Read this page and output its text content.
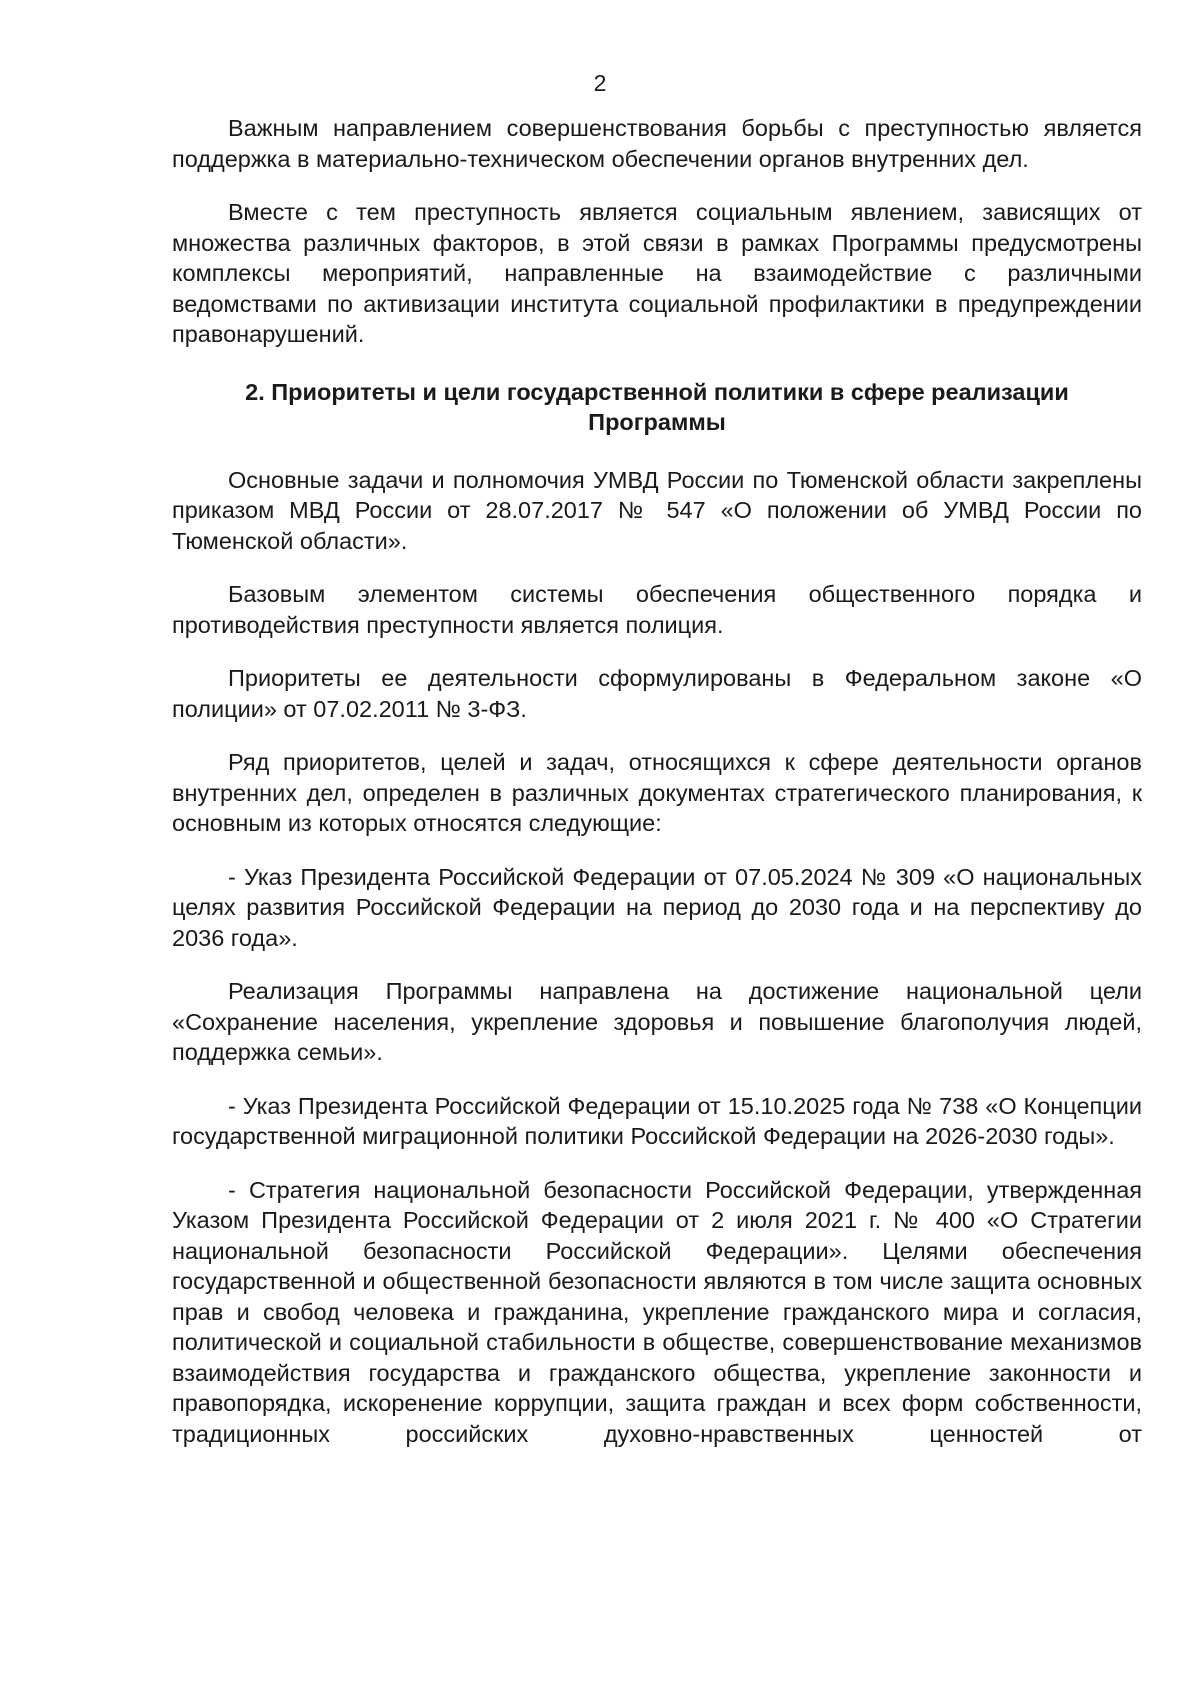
2

Важным направлением совершенствования борьбы с преступностью является поддержка в материально-техническом обеспечении органов внутренних дел.

Вместе с тем преступность является социальным явлением, зависящих от множества различных факторов, в этой связи в рамках Программы предусмотрены комплексы мероприятий, направленные на взаимодействие с различными ведомствами по активизации института социальной профилактики в предупреждении правонарушений.

2. Приоритеты и цели государственной политики в сфере реализации Программы

Основные задачи и полномочия УМВД России по Тюменской области закреплены приказом МВД России от 28.07.2017 № 547 «О положении об УМВД России по Тюменской области».

Базовым элементом системы обеспечения общественного порядка и противодействия преступности является полиция.

Приоритеты ее деятельности сформулированы в Федеральном законе «О полиции» от 07.02.2011 № 3-ФЗ.

Ряд приоритетов, целей и задач, относящихся к сфере деятельности органов внутренних дел, определен в различных документах стратегического планирования, к основным из которых относятся следующие:

- Указ Президента Российской Федерации от 07.05.2024 № 309 «О национальных целях развития Российской Федерации на период до 2030 года и на перспективу до 2036 года».

Реализация Программы направлена на достижение национальной цели «Сохранение населения, укрепление здоровья и повышение благополучия людей, поддержка семьи».

- Указ Президента Российской Федерации от 15.10.2025 года № 738 «О Концепции государственной миграционной политики Российской Федерации на 2026-2030 годы».

- Стратегия национальной безопасности Российской Федерации, утвержденная Указом Президента Российской Федерации от 2 июля 2021 г. № 400 «О Стратегии национальной безопасности Российской Федерации». Целями обеспечения государственной и общественной безопасности являются в том числе защита основных прав и свобод человека и гражданина, укрепление гражданского мира и согласия, политической и социальной стабильности в обществе, совершенствование механизмов взаимодействия государства и гражданского общества, укрепление законности и правопорядка, искоренение коррупции, защита граждан и всех форм собственности, традиционных российских духовно-нравственных ценностей от
